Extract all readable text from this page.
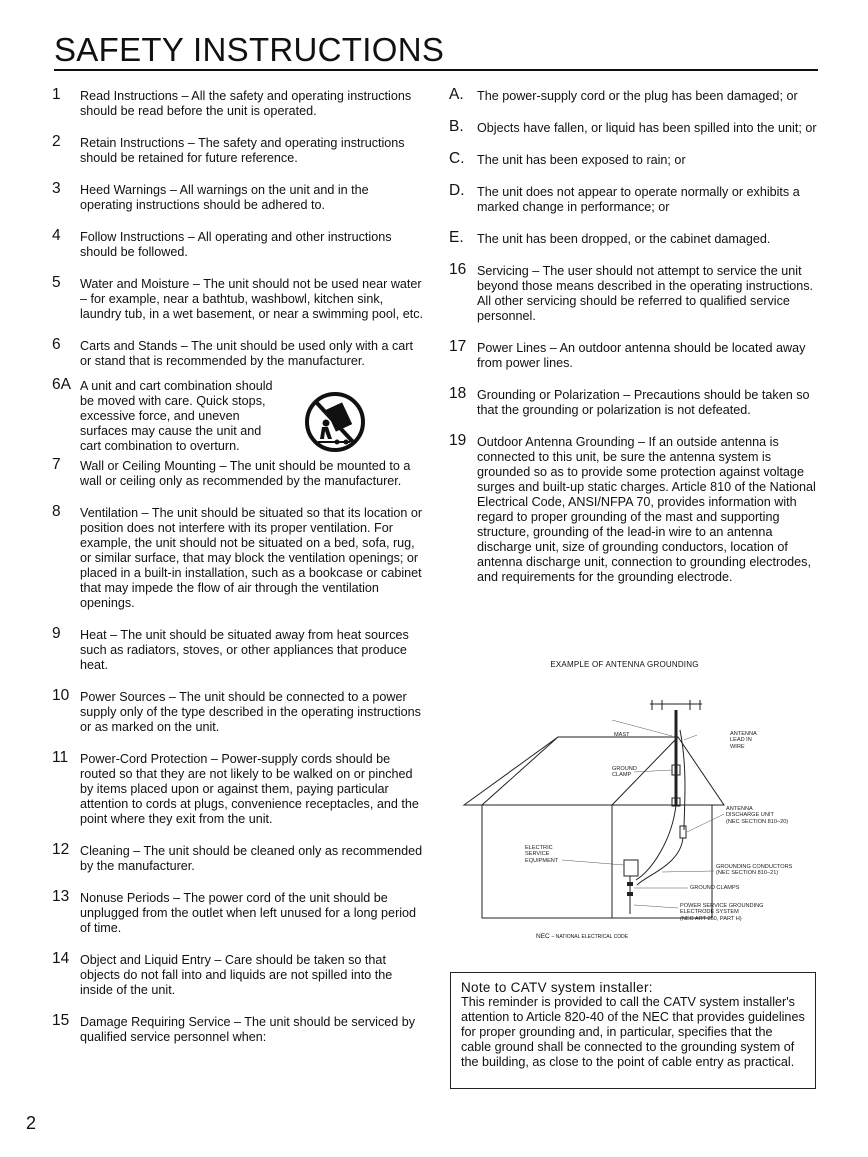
SAFETY INSTRUCTIONS
1 Read Instructions – All the safety and operating instructions should be read before the unit is operated.
2 Retain Instructions – The safety and operating instructions should be retained for future reference.
3 Heed Warnings – All warnings on the unit and in the operating instructions should be adhered to.
4 Follow Instructions – All operating and other instructions should be followed.
5 Water and Moisture – The unit should not be used near water – for example, near a bathtub, washbowl, kitchen sink, laundry tub, in a wet basement, or near a swimming pool, etc.
6 Carts and Stands – The unit should be used only with a cart or stand that is recommended by the manufacturer.
6A A unit and cart combination should be moved with care. Quick stops, excessive force, and uneven surfaces may cause the unit and cart combination to overturn.
7 Wall or Ceiling Mounting – The unit should be mounted to a wall or ceiling only as recommended by the manufacturer.
8 Ventilation – The unit should be situated so that its location or position does not interfere with its proper ventilation. For example, the unit should not be situated on a bed, sofa, rug, or similar surface, that may block the ventilation openings; or placed in a built-in installation, such as a bookcase or cabinet that may impede the flow of air through the ventilation openings.
9 Heat – The unit should be situated away from heat sources such as radiators, stoves, or other appliances that produce heat.
10 Power Sources – The unit should be connected to a power supply only of the type described in the operating instructions or as marked on the unit.
11 Power-Cord Protection – Power-supply cords should be routed so that they are not likely to be walked on or pinched by items placed upon or against them, paying particular attention to cords at plugs, convenience receptacles, and the point where they exit from the unit.
12 Cleaning – The unit should be cleaned only as recommended by the manufacturer.
13 Nonuse Periods – The power cord of the unit should be unplugged from the outlet when left unused for a long period of time.
14 Object and Liquid Entry – Care should be taken so that objects do not fall into and liquids are not spilled into the inside of the unit.
15 Damage Requiring Service – The unit should be serviced by qualified service personnel when:
A. The power-supply cord or the plug has been damaged; or
B. Objects have fallen, or liquid has been spilled into the unit; or
C. The unit has been exposed to rain; or
D. The unit does not appear to operate normally or exhibits a marked change in performance; or
E. The unit has been dropped, or the cabinet damaged.
16 Servicing – The user should not attempt to service the unit beyond those means described in the operating instructions. All other servicing should be referred to qualified service personnel.
17 Power Lines – An outdoor antenna should be located away from power lines.
18 Grounding or Polarization – Precautions should be taken so that the grounding or polarization is not defeated.
19 Outdoor Antenna Grounding – If an outside antenna is connected to this unit, be sure the antenna system is grounded so as to provide some protection against voltage surges and built-up static charges. Article 810 of the National Electrical Code, ANSI/NFPA 70, provides information with regard to proper grounding of the mast and supporting structure, grounding of the lead-in wire to an antenna discharge unit, size of grounding conductors, location of antenna discharge unit, connection to grounding electrodes, and requirements for the grounding electrode.
EXAMPLE OF ANTENNA GROUNDING
MAST	ANTENNA
LEAD IN
WIRE
GROUND
CLAMP
ANTENNA
DISCHARGE UNIT
(NEC SECTION 810–20)
ELECTRIC
SERVICE
EQUIPMENT
GROUNDING CONDUCTORS
(NEC SECTION 810–21)
GROUND CLAMPS
POWER SERVICE GROUNDING
ELECTRODE SYSTEM
(NEC ART 250, PART H)
NEC – NATIONAL ELECTRICAL CODE
Note to CATV system installer:
This reminder is provided to call the CATV system installer's attention to Article 820-40 of the NEC that provides guidelines for proper grounding and, in particular, specifies that the cable ground shall be connected to the grounding system of the building, as close to the point of cable entry as practical.
2
